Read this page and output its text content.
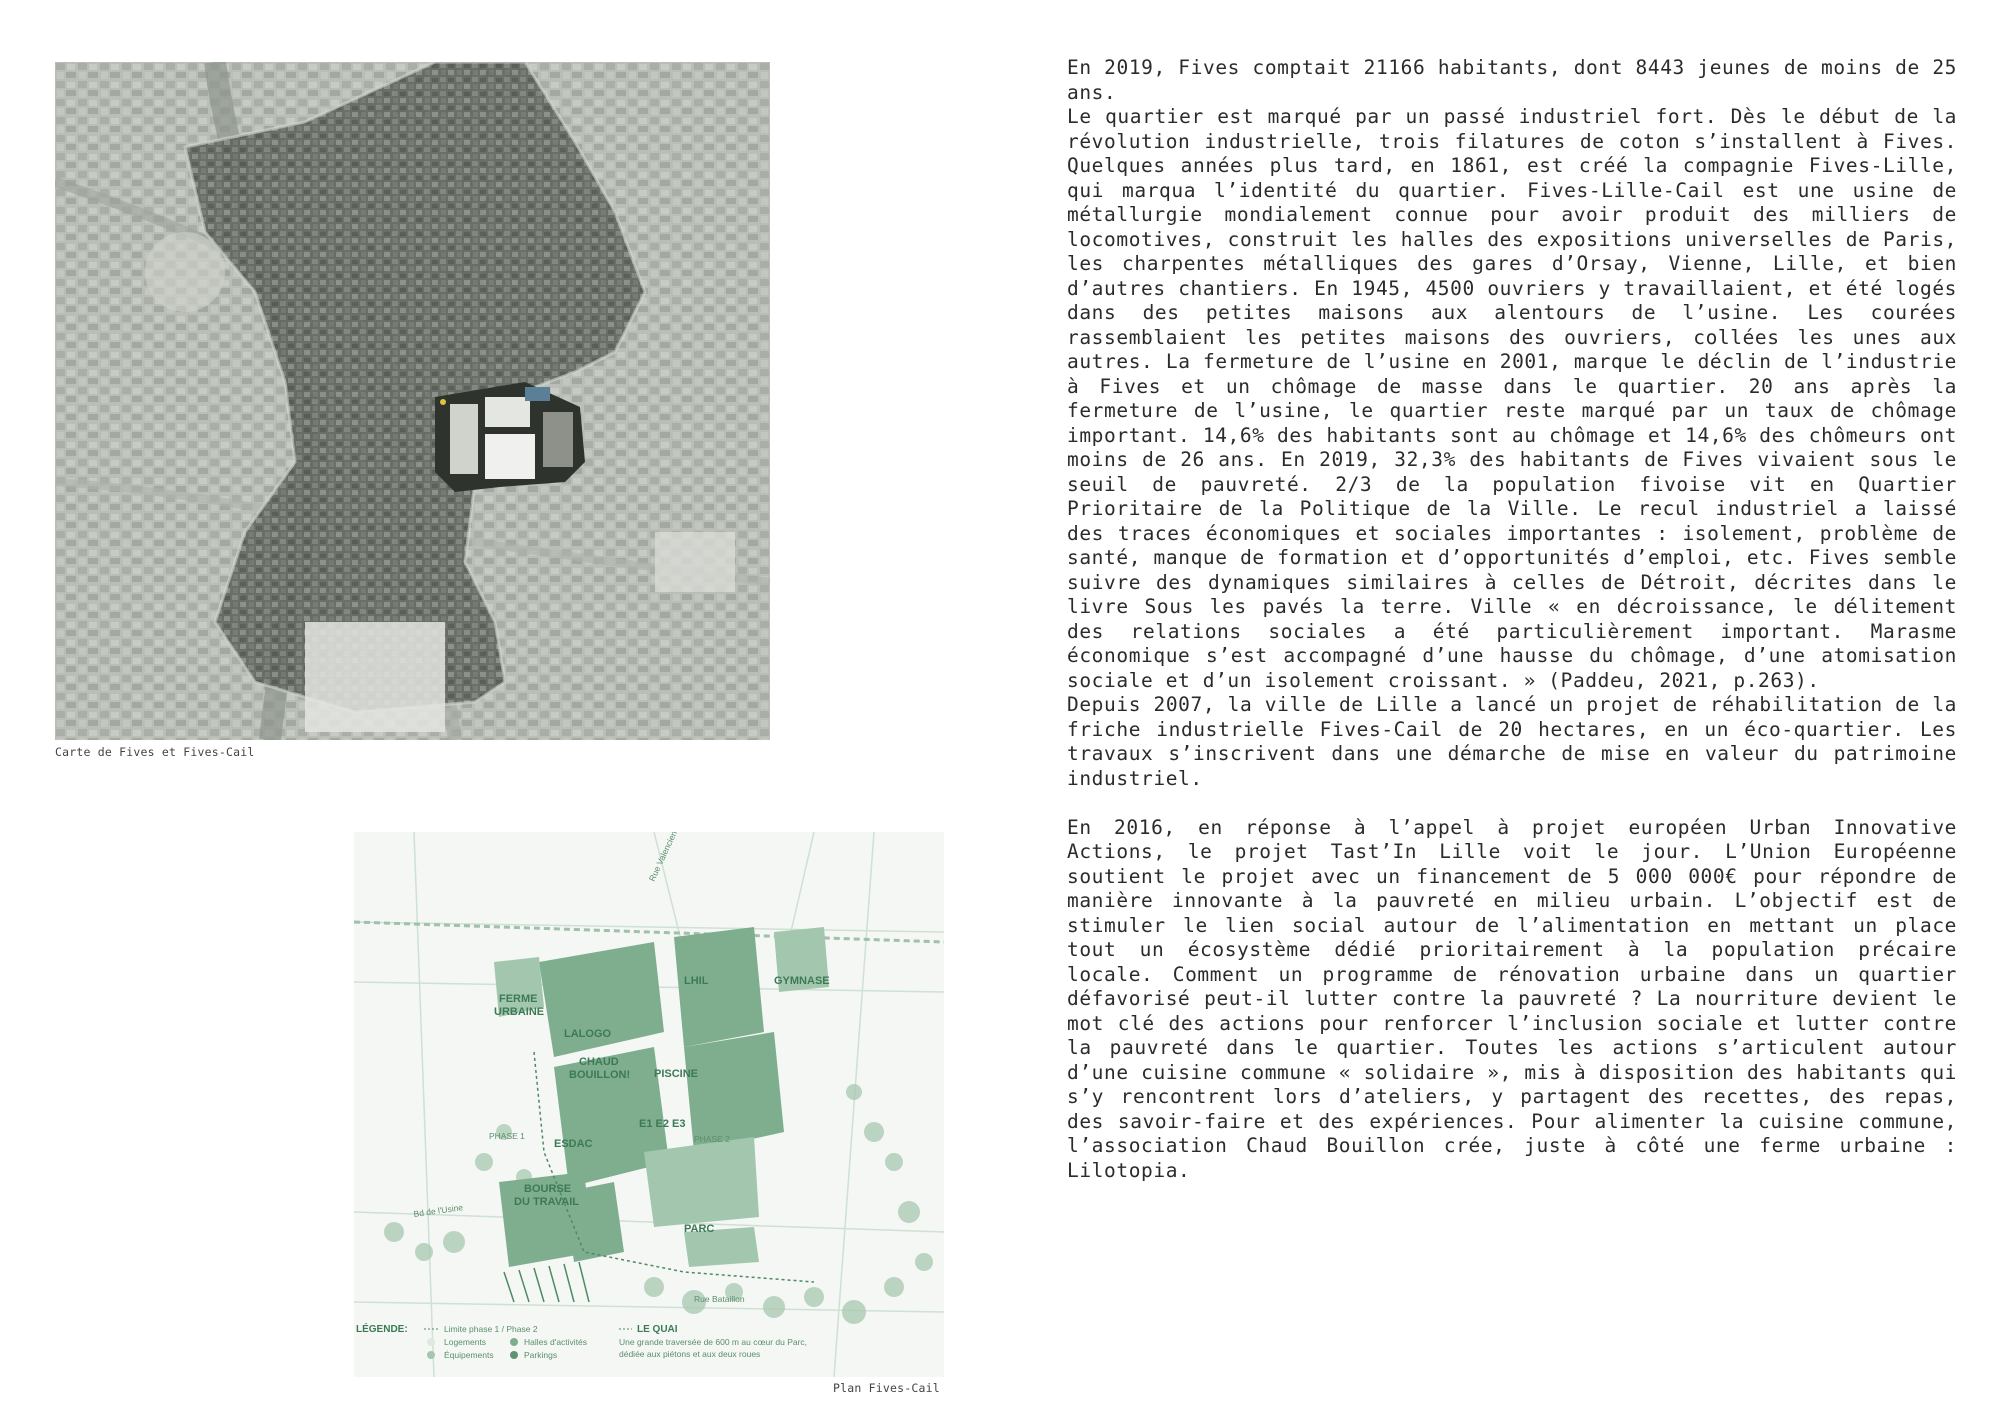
Carte de Fives et Fives-Cail
FERME
URBAINE
LHIL	GYMNASE
LALOGO
CHAUD
BOUILLON! PISCINE
ESDAC
E1 E2 E3
BOURSE
DU TRAVAIL
PARC
PHASE 1	PHASE 2
Rue Valenciennes
Bd de l'Usine
Rue Bataillon
LÉGENDE:	Limite phase 1 / Phase 2
Logements
Équipements
Halles d'activités
Parkings
LE QUAI
Une grande traversée de 600 m au cœur du Parc,
dédiée aux piétons et aux deux roues
Plan Fives-Cail

En 2019, Fives comptait 21166 habitants, dont 8443 jeunes de moins de 25 ans.

Le quartier est marqué par un passé industriel fort. Dès le début de la révolution industrielle, trois filatures de coton s’installent à Fives. Quelques années plus tard, en 1861, est créé la compagnie Fives-Lille, qui marqua l’identité du quartier. Fives-Lille-Cail est une usine de métallurgie mondialement connue pour avoir produit des milliers de locomotives, construit les halles des expositions universelles de Paris, les charpentes métalliques des gares d’Orsay, Vienne, Lille, et bien d’autres chantiers. En 1945, 4500 ouvriers y travaillaient, et été logés dans des petites maisons aux alentours de l’usine. Les courées rassemblaient les petites maisons des ouvriers, collées les unes aux autres. La fermeture de l’usine en 2001, marque le déclin de l’industrie à Fives et un chômage de masse dans le quartier. 20 ans après la fermeture de l’usine, le quartier reste marqué par un taux de chômage important. 14,6% des habitants sont au chômage et 14,6% des chômeurs ont moins de 26 ans. En 2019, 32,3% des habitants de Fives vivaient sous le seuil de pauvreté. 2/3 de la population fivoise vit en Quartier Prioritaire de la Politique de la Ville. Le recul industriel a laissé des traces économiques et sociales importantes : isolement, problème de santé, manque de formation et d’opportunités d’emploi, etc. Fives semble suivre des dynamiques similaires à celles de Détroit, décrites dans le livre Sous les pavés la terre. Ville « en décroissance, le délitement des relations sociales a été particulièrement important. Marasme économique s’est accompagné d’une hausse du chômage, d’une atomisation sociale et d’un isolement croissant. » (Paddeu, 2021, p.263).

Depuis 2007, la ville de Lille a lancé un projet de réhabilitation de la friche industrielle Fives-Cail de 20 hectares, en un éco-quartier. Les travaux s’inscrivent dans une démarche de mise en valeur du patrimoine industriel.

En 2016, en réponse à l’appel à projet européen Urban Innovative Actions, le projet Tast’In Lille voit le jour. L’Union Européenne soutient le projet avec un financement de 5 000 000€ pour répondre de manière innovante à la pauvreté en milieu urbain. L’objectif est de stimuler le lien social autour de l’alimentation en mettant un place tout un écosystème dédié prioritairement à la population précaire locale. Comment un programme de rénovation urbaine dans un quartier défavorisé peut-il lutter contre la pauvreté ? La nourriture devient le mot clé des actions pour renforcer l’inclusion sociale et lutter contre la pauvreté dans le quartier. Toutes les actions s’articulent autour d’une cuisine commune « solidaire », mis à disposition des habitants qui s’y rencontrent lors d’ateliers, y partagent des recettes, des repas, des savoir-faire et des expériences. Pour alimenter la cuisine commune, l’association Chaud Bouillon crée, juste à côté une ferme urbaine : Lilotopia.
